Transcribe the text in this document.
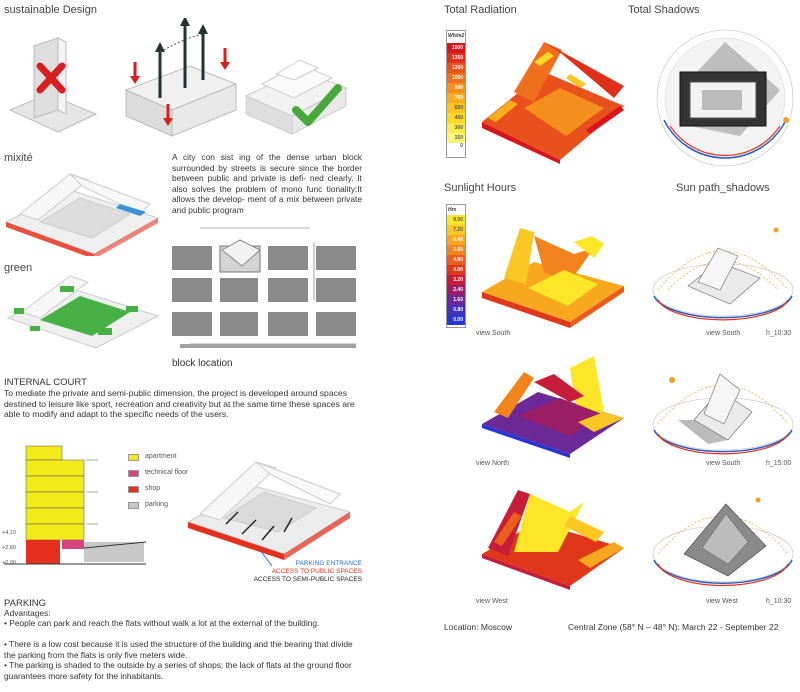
sustainable Design
mixité
green
A city con sist ing of the dense urban block surrounded by streets is secure since the border between public and private is defi- ned clearly. It also solves the problem of mono func tionality:It allows the develop- ment of a mix between private and public program
block location
INTERNAL COURT
To mediate the private and semi-public dimension, the project is developed around spaces destined to leisure like sport, recreation and creativity but at the same time these spaces are able to modify and adapt to the specific needs of the users.
+4,10
+2,80
+0,00
apartment
technical floor
shop
parking
PARKING ENTRANCE
ACCESS TO PUBLIC SPACES
ACCESS TO SEMI-PUBLIC SPACES
PARKING
Advantages:
• People can park and reach the flats without walk a lot at the external of the building.
• There is a low cost because it is used the structure of the building and the bearing that divide the parking from the flats is only five meters wide.
• The parking is shaded to the outside by a series of shops; the lack of flats at the ground floor guarantees more safety for the inhabitants.
Total Radiation	Total Shadows
Wh/m2
1500
1350
1200
1050
900
750
600
450
300
150
0
Sunlight Hours	Sun path_shadows
Hrs
8.00
7.20
6.40
5.60
4.80
4.00
3.20
2.40
1.60
0.80
0.00
view South	view South	h_10:30
view North	view South	h_15:00
view West	view West	h_10:30
Location: Moscow	Central Zone (58° N – 48° N): March 22 - September 22
